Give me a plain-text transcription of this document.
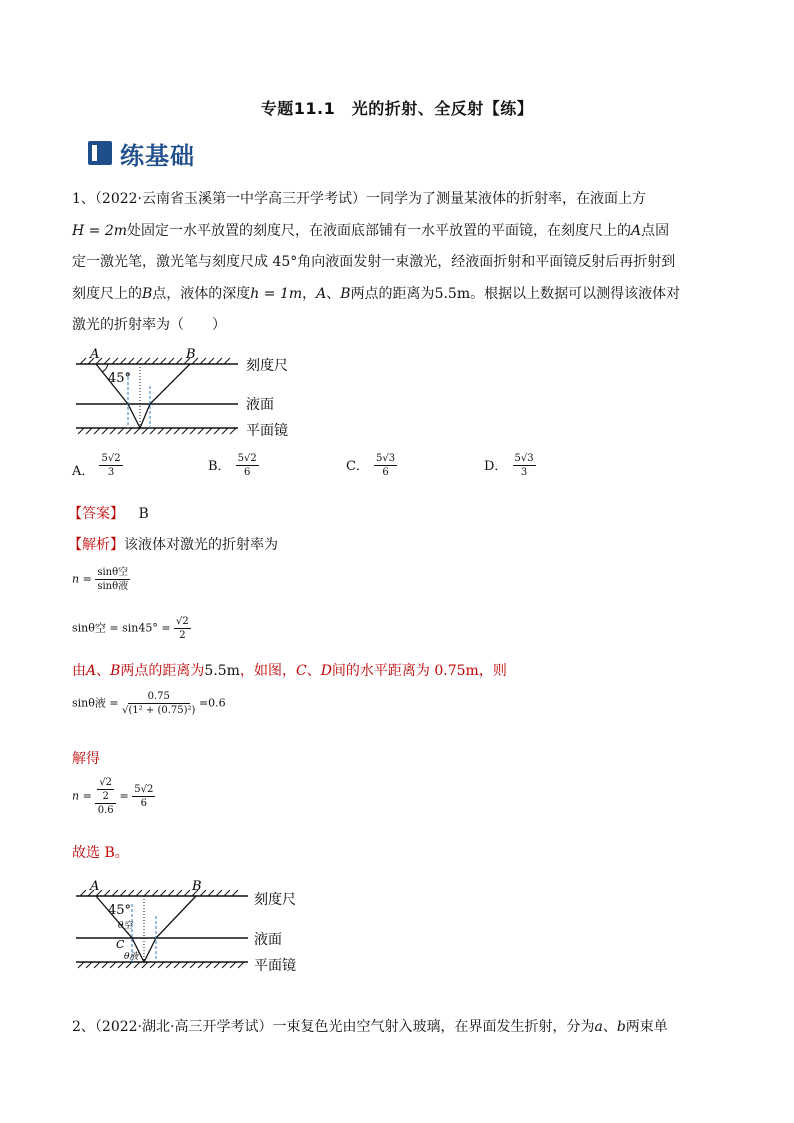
专题11.1　光的折射、全反射【练】
练基础
1、（2022·云南省玉溪第一中学高三开学考试）一同学为了测量某液体的折射率，在液面上方
H = 2m处固定一水平放置的刻度尺，在液面底部铺有一水平放置的平面镜，在刻度尺上的A点固
定一激光笔，激光笔与刻度尺成 45°角向液面发射一束激光，经液面折射和平面镜反射后再折射到
刻度尺上的B点，液体的深度h = 1m，A、B两点的距离为5.5m。根据以上数据可以测得该液体对
激光的折射率为（　　）
A	B
45°
刻度尺
液面
平面镜
A． $\frac{5√2}{3}$	B． $\frac{5√2}{6}$	C． $\frac{5√3}{6}$	D． $\frac{5√3}{3}$
【答案】 B
【解析】该液体对激光的折射率为
$n = \frac{\text{sinθ空}}{\text{sinθ液}}$
sinθ空 = $\sin 45^\circ = \frac{√2}{2}$
由A、B两点的距离为5.5m，如图，C、D间的水平距离为 0.75m，则
sinθ液 = $\frac{0.75}{\text{√(1² + (0.75)²)}} =0.6$
解得
$n = \frac{\frac{√2}{2}}{0.6} = \frac{5√2}{6}$
故选 B。
A	B
C
45°
θ空
θ液
刻度尺
液面
平面镜
2、（2022·湖北·高三开学考试）一束复色光由空气射入玻璃，在界面发生折射，分为a、b两束单
